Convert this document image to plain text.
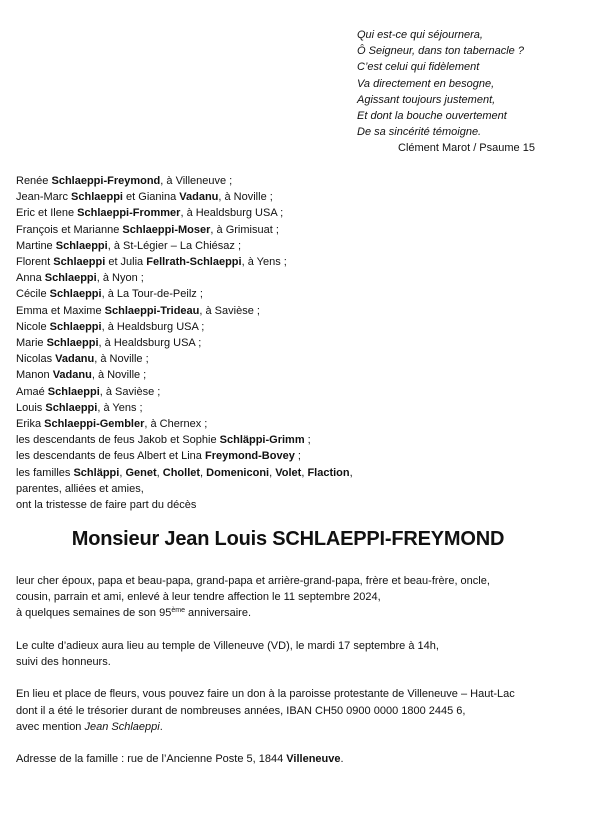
Qui est-ce qui séjournera,
Ô Seigneur, dans ton tabernacle ?
C’est celui qui fidèlement
Va directement en besogne,
Agissant toujours justement,
Et dont la bouche ouvertement
De sa sincérité témoigne.
Clément Marot / Psaume 15
Renée Schlaeppi-Freymond, à Villeneuve ;
Jean-Marc Schlaeppi et Gianina Vadanu, à Noville ;
Eric et Ilene Schlaeppi-Frommer, à Healdsburg USA ;
François et Marianne Schlaeppi-Moser, à Grimisuat ;
Martine Schlaeppi, à St-Légier – La Chiésaz ;
Florent Schlaeppi et Julia Fellrath-Schlaeppi, à Yens ;
Anna Schlaeppi, à Nyon ;
Cécile Schlaeppi, à La Tour-de-Peilz ;
Emma et Maxime Schlaeppi-Trideau, à Savièse ;
Nicole Schlaeppi, à Healdsburg USA ;
Marie Schlaeppi, à Healdsburg USA ;
Nicolas Vadanu, à Noville ;
Manon Vadanu, à Noville ;
Amaé Schlaeppi, à Savièse ;
Louis Schlaeppi, à Yens ;
Erika Schlaeppi-Gembler, à Chernex ;
les descendants de feus Jakob et Sophie Schläppi-Grimm ;
les descendants de feus Albert et Lina Freymond-Bovey ;
les familles Schläppi, Genet, Chollet, Domeniconi, Volet, Flaction,
parentes, alliées et amies,
ont la tristesse de faire part du décès
Monsieur Jean Louis SCHLAEPPI-FREYMOND
leur cher époux, papa et beau-papa, grand-papa et arrière-grand-papa, frère et beau-frère, oncle,
cousin, parrain et ami, enlevé à leur tendre affection le 11 septembre 2024,
à quelques semaines de son 95ème anniversaire.
Le culte d’adieux aura lieu au temple de Villeneuve (VD), le mardi 17 septembre à 14h,
suivi des honneurs.
En lieu et place de fleurs, vous pouvez faire un don à la paroisse protestante de Villeneuve – Haut-Lac
dont il a été le trésorier durant de nombreuses années, IBAN CH50 0900 0000 1800 2445 6,
avec mention Jean Schlaeppi.
Adresse de la famille : rue de l’Ancienne Poste 5, 1844 Villeneuve.
